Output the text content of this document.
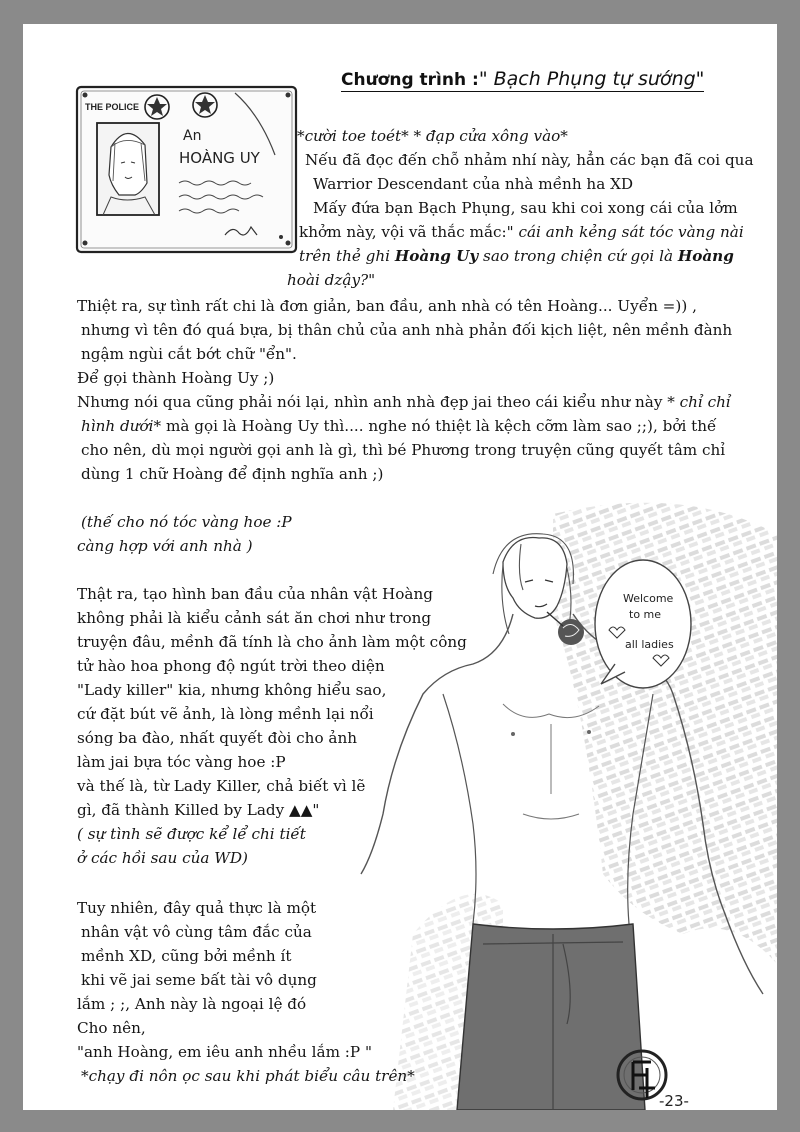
Chương trình :" Bạch Phụng tự sướng"
THE POLICE
An
HOÀNG UY
*cười toe toét* * đạp cửa xông vào*
Nếu đã đọc đến chỗ nhảm nhí này, hẳn các bạn đã coi qua
Warrior Descendant của nhà mềnh ha XD
Mấy đứa bạn Bạch Phụng, sau khi coi xong cái của lởm
khởm này, vội vã thắc mắc:" cái anh kẻng sát tóc vàng nài
trên thẻ ghi Hoàng Uy sao trong chiện cứ gọi là Hoàng
hoài dzậy?"
Thiệt ra, sự tình rất chi là đơn giản, ban đầu, anh nhà có tên Hoàng... Uyển =)) ,
nhưng vì tên đó quá bựa, bị thân chủ của anh nhà phản đối kịch liệt, nên mềnh đành
ngậm ngùi cắt bớt chữ "ển".
Để gọi thành Hoàng Uy ;)
Nhưng nói qua cũng phải nói lại, nhìn anh nhà đẹp jai theo cái kiểu như này * chỉ chỉ
hình dưới* mà gọi là Hoàng Uy thì.... nghe nó thiệt là kệch cỡm làm sao ;;), bởi thế
cho nên, dù mọi người gọi anh là gì, thì bé Phương trong truyện cũng quyết tâm chỉ
dùng 1 chữ Hoàng để định nghĩa anh ;)
Welcome
to me
all ladies
(thế cho nó tóc vàng hoe :P
càng hợp với anh nhà )
Thật ra, tạo hình ban đầu của nhân vật Hoàng
không phải là kiểu cảnh sát ăn chơi như trong
truyện đâu, mềnh đã tính là cho ảnh làm một công
tử hào hoa phong độ ngút trời theo diện
"Lady killer" kia, nhưng không hiểu sao,
cứ đặt bút vẽ ảnh, là lòng mềnh lại nổi
sóng ba đào, nhất quyết đòi cho ảnh
làm jai bựa tóc vàng hoe :P
và thế là, từ Lady Killer, chả biết vì lẽ
gì, đã thành Killed by Lady ▲▲"
( sự tình sẽ được kể lể chi tiết
ở các hồi sau của WD)
Tuy nhiên, đây quả thực là một
nhân vật vô cùng tâm đắc của
mềnh XD, cũng bởi mềnh ít
khi vẽ jai seme bất tài vô dụng
lắm ; ;, Anh này là ngoại lệ đó
Cho nên,
"anh Hoàng, em iêu anh nhều lắm :P "
*chạy đi nôn ọc sau khi phát biểu câu trên*
-23-
